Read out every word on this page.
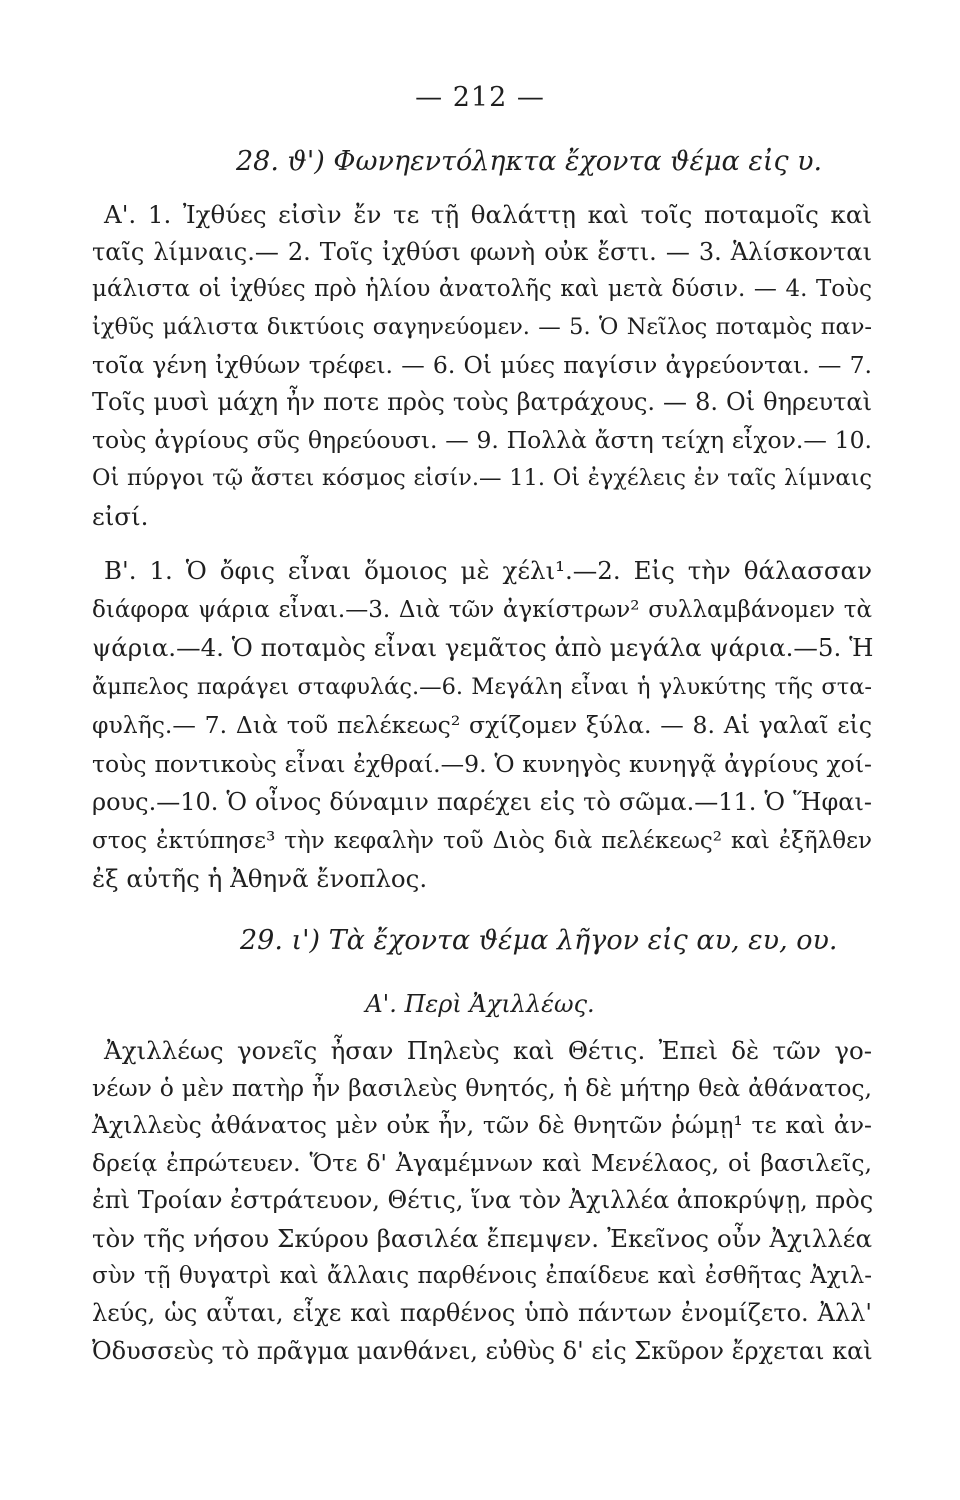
— 212 —
28. ϑ') Φωνηεντόληκτα ἔχοντα ϑέμα εἰς υ.
Α'. 1. Ἰχθύες εἰσὶν ἔν τε τῇ θαλάττῃ καὶ τοῖς ποταμοῖς καὶ
ταῖς λίμναις.— 2. Τοῖς ἰχθύσι φωνὴ οὐκ ἔστι. — 3. Ἁλίσκονται
μάλιστα οἱ ἰχθύες πρὸ ἡλίου ἀνατολῆς καὶ μετὰ δύσιν. — 4. Τοὺς
ἰχθῦς μάλιστα δικτύοις σαγηνεύομεν. — 5. Ὁ Νεῖλος ποταμὸς παν-
τοῖα γένη ἰχθύων τρέφει. — 6. Οἱ μύες παγίσιν ἀγρεύονται. — 7.
Τοῖς μυσὶ μάχη ἦν ποτε πρὸς τοὺς βατράχους. — 8. Οἱ θηρευταὶ
τοὺς ἀγρίους σῦς θηρεύουσι. — 9. Πολλὰ ἄστη τείχη εἶχον.— 10.
Οἱ πύργοι τῷ ἄστει κόσμος εἰσίν.— 11. Οἱ ἐγχέλεις ἐν ταῖς λίμναις
εἰσί.
Β'. 1. Ὁ ὄφις εἶναι ὅμοιος μὲ χέλι¹.—2. Εἰς τὴν θάλασσαν
διάφορα ψάρια εἶναι.—3. Διὰ τῶν ἀγκίστρων² συλλαμβάνομεν τὰ
ψάρια.—4. Ὁ ποταμὸς εἶναι γεμᾶτος ἀπὸ μεγάλα ψάρια.—5. Ἡ
ἄμπελος παράγει σταφυλάς.—6. Μεγάλη εἶναι ἡ γλυκύτης τῆς στα-
φυλῆς.— 7. Διὰ τοῦ πελέκεως² σχίζομεν ξύλα. — 8. Αἱ γαλαῖ εἰς
τοὺς ποντικοὺς εἶναι ἐχθραί.—9. Ὁ κυνηγὸς κυνηγᾷ ἀγρίους χοί-
ρους.—10. Ὁ οἶνος δύναμιν παρέχει εἰς τὸ σῶμα.—11. Ὁ Ἥφαι-
στος ἐκτύπησε³ τὴν κεφαλὴν τοῦ Διὸς διὰ πελέκεως² καὶ ἐξῆλθεν
ἐξ αὐτῆς ἡ Ἀθηνᾶ ἔνοπλος.
29. ι') Τὰ ἔχοντα ϑέμα λῆγον εἰς αυ, ευ, ου.
Α'. Περὶ Ἀχιλλέως.
Ἀχιλλέως γονεῖς ἦσαν Πηλεὺς καὶ Θέτις. Ἐπεὶ δὲ τῶν γο-
νέων ὁ μὲν πατὴρ ἦν βασιλεὺς θνητός, ἡ δὲ μήτηρ θεὰ ἀθάνατος,
Ἀχιλλεὺς ἀθάνατος μὲν οὐκ ἦν, τῶν δὲ θνητῶν ῥώμῃ¹ τε καὶ ἀν-
δρείᾳ ἐπρώτευεν. Ὅτε δ' Ἀγαμέμνων καὶ Μενέλαος, οἱ βασιλεῖς,
ἐπὶ Τροίαν ἐστράτευον, Θέτις, ἵνα τὸν Ἀχιλλέα ἀποκρύψῃ, πρὸς
τὸν τῆς νήσου Σκύρου βασιλέα ἔπεμψεν. Ἐκεῖνος οὖν Ἀχιλλέα
σὺν τῇ θυγατρὶ καὶ ἄλλαις παρθένοις ἐπαίδευε καὶ ἐσθῆτας Ἀχιλ-
λεύς, ὡς αὗται, εἶχε καὶ παρθένος ὑπὸ πάντων ἐνομίζετο. Ἀλλ'
Ὀδυσσεὺς τὸ πρᾶγμα μανθάνει, εὐθὺς δ' εἰς Σκῦρον ἔρχεται καὶ
